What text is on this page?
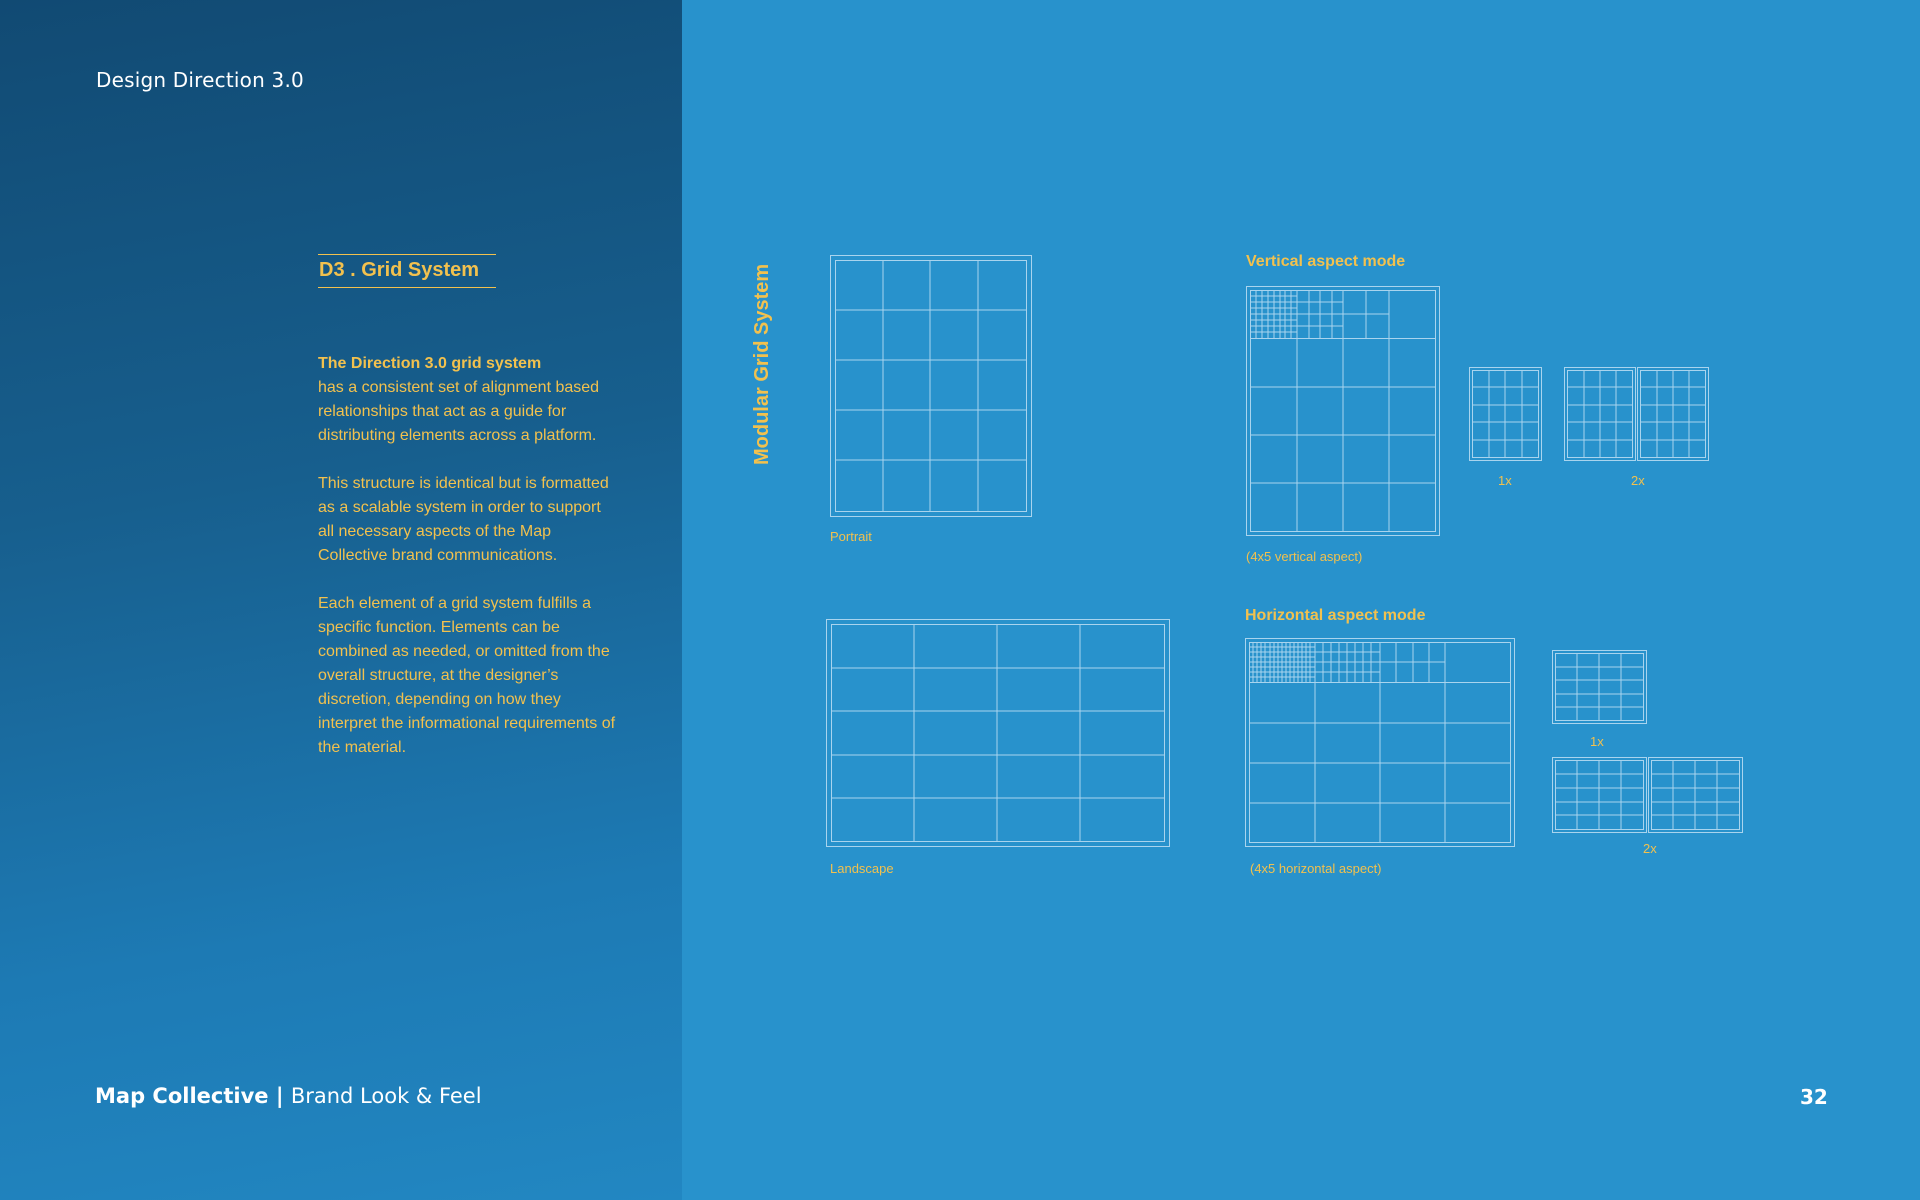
Design Direction 3.0
D3 . Grid System

The Direction 3.0 grid system
has a consistent set of alignment based relationships that act as a guide for distributing elements across a platform.

This structure is identical but is formatted as a scalable system in order to support all necessary aspects of the Map Collective brand communications.

Each element of a grid system fulfills a specific function. Elements can be combined as needed, or omitted from the overall structure, at the designer’s discretion, depending on how they interpret the informational requirements of the material.

Modular Grid System
Portrait
Landscape
Vertical aspect mode
(4x5 vertical aspect)
1x	2x
Horizontal aspect mode
(4x5 horizontal aspect)
1x
2x
Map Collective | Brand Look & Feel	32
